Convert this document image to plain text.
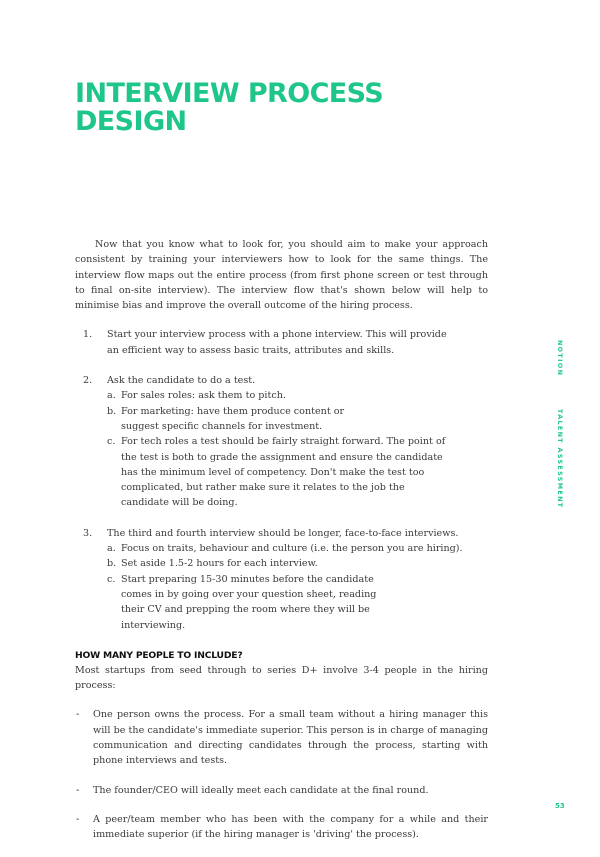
INTERVIEW PROCESS
DESIGN

Now that you know what to look for, you should aim to make your approach consistent by training your interviewers how to look for the same things. The interview flow maps out the entire process (from first phone screen or test through to final on-site interview). The interview flow that's shown below will help to minimise bias and improve the overall outcome of the hiring process.

1. Start your interview process with a phone interview. This will provide an efficient way to assess basic traits, attributes and skills.
2. Ask the candidate to do a test.
a. For sales roles: ask them to pitch.
b. For marketing: have them produce content or suggest specific channels for investment.
c. For tech roles a test should be fairly straight forward. The point of the test is both to grade the assignment and ensure the candidate has the minimum level of competency. Don't make the test too complicated, but rather make sure it relates to the job the candidate will be doing.
3. The third and fourth interview should be longer, face-to-face interviews.
a. Focus on traits, behaviour and culture (i.e. the person you are hiring).
b. Set aside 1.5-2 hours for each interview.
c. Start preparing 15-30 minutes before the candidate comes in by going over your question sheet, reading their CV and prepping the room where they will be interviewing.
HOW MANY PEOPLE TO INCLUDE?

Most startups from seed through to series D+ involve 3-4 people in the hiring process:

- One person owns the process. For a small team without a hiring manager this will be the candidate's immediate superior. This person is in charge of managing communication and directing candidates through the process, starting with phone interviews and tests.
- The founder/CEO will ideally meet each candidate at the final round.
- A peer/team member who has been with the company for a while and their immediate superior (if the hiring manager is 'driving' the process).
NOTION
TALENT ASSESSMENT
53
